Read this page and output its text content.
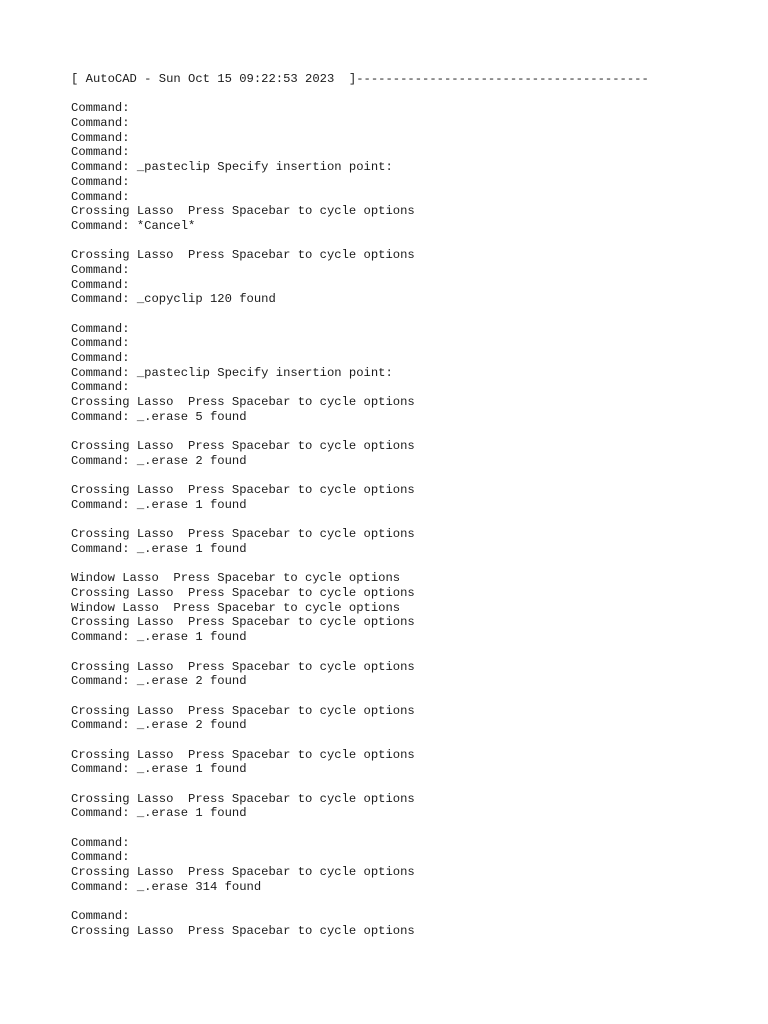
[ AutoCAD - Sun Oct 15 09:22:53 2023  ]----------------------------------------
Command:
Command:
Command:
Command:
Command: _pasteclip Specify insertion point:
Command:
Command:
Crossing Lasso  Press Spacebar to cycle options
Command: *Cancel*
Crossing Lasso  Press Spacebar to cycle options
Command:
Command:
Command: _copyclip 120 found
Command:
Command:
Command:
Command: _pasteclip Specify insertion point:
Command:
Crossing Lasso  Press Spacebar to cycle options
Command: _.erase 5 found
Crossing Lasso  Press Spacebar to cycle options
Command: _.erase 2 found
Crossing Lasso  Press Spacebar to cycle options
Command: _.erase 1 found
Crossing Lasso  Press Spacebar to cycle options
Command: _.erase 1 found
Window Lasso  Press Spacebar to cycle options
Crossing Lasso  Press Spacebar to cycle options
Window Lasso  Press Spacebar to cycle options
Crossing Lasso  Press Spacebar to cycle options
Command: _.erase 1 found
Crossing Lasso  Press Spacebar to cycle options
Command: _.erase 2 found
Crossing Lasso  Press Spacebar to cycle options
Command: _.erase 2 found
Crossing Lasso  Press Spacebar to cycle options
Command: _.erase 1 found
Crossing Lasso  Press Spacebar to cycle options
Command: _.erase 1 found
Command:
Command:
Crossing Lasso  Press Spacebar to cycle options
Command: _.erase 314 found
Command:
Crossing Lasso  Press Spacebar to cycle options
